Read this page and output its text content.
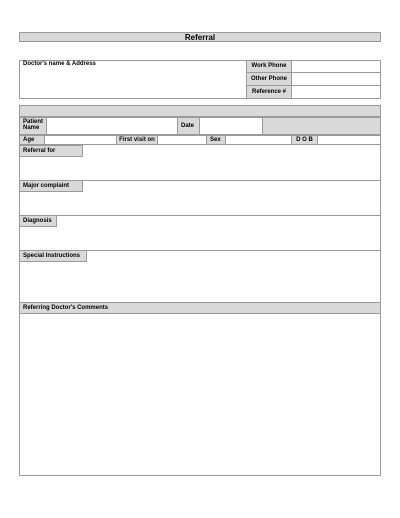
Referral
Doctor's name & Address	Work Phone
Other Phone
Reference #
Patient Name	Date
Age	First visit on	Sex	D O B
Referral for
Major complaint
Diagnosis
Special Instructions
Referring Doctor's Comments
